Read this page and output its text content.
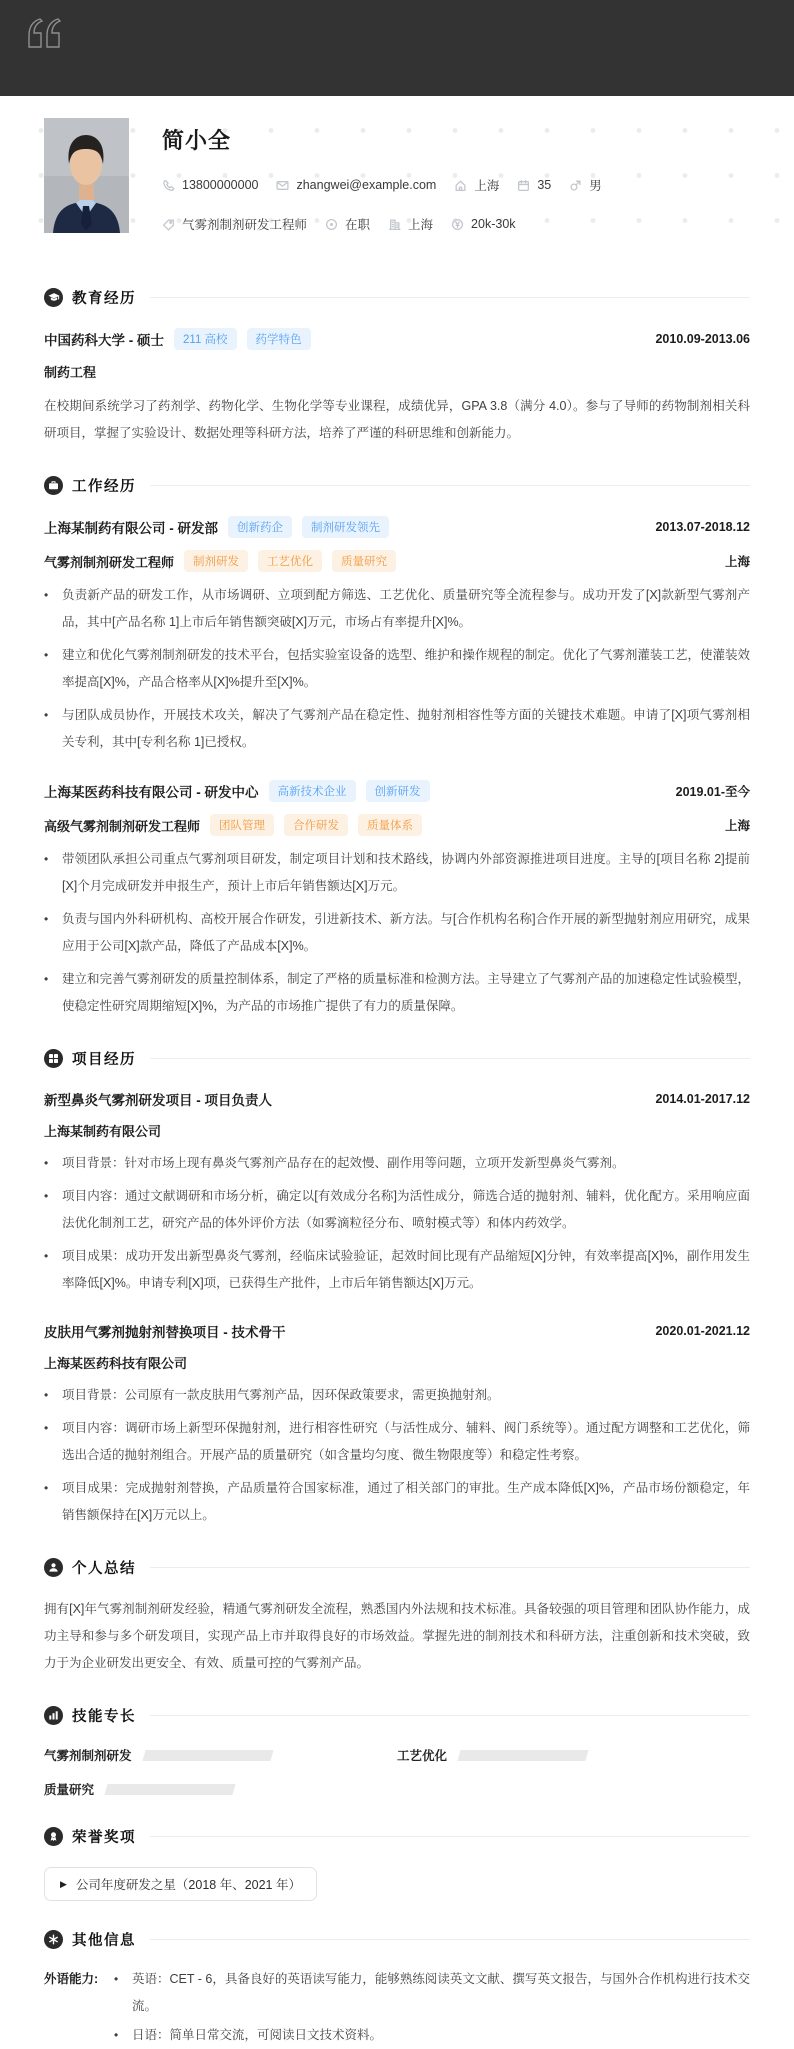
简小全
13800000000	zhangwei@example.com	上海	35	男
气雾剂制剂研发工程师	在职	上海	20k-30k
教育经历
中国药科大学 - 硕士	211 高校	药学特色	2010.09-2013.06
制药工程

在校期间系统学习了药剂学、药物化学、生物化学等专业课程，成绩优异，GPA 3.8（满分 4.0）。参与了导师的药物制剂相关科研项目，掌握了实验设计、数据处理等科研方法，培养了严谨的科研思维和创新能力。

工作经历
上海某制药有限公司 - 研发部	创新药企	制剂研发领先	2013.07-2018.12
气雾剂制剂研发工程师	制剂研发	工艺优化	质量研究	上海
•	负责新产品的研发工作，从市场调研、立项到配方筛选、工艺优化、质量研究等全流程参与。成功开发了[X]款新型气雾剂产品，其中[产品名称 1]上市后年销售额突破[X]万元，市场占有率提升[X]%。

•	建立和优化气雾剂制剂研发的技术平台，包括实验室设备的选型、维护和操作规程的制定。优化了气雾剂灌装工艺，使灌装效率提高[X]%，产品合格率从[X]%提升至[X]%。

•	与团队成员协作，开展技术攻关，解决了气雾剂产品在稳定性、抛射剂相容性等方面的关键技术难题。申请了[X]项气雾剂相关专利，其中[专利名称 1]已授权。

上海某医药科技有限公司 - 研发中心	高新技术企业	创新研发	2019.01-至今
高级气雾剂制剂研发工程师	团队管理	合作研发	质量体系	上海
•	带领团队承担公司重点气雾剂项目研发，制定项目计划和技术路线，协调内外部资源推进项目进度。主导的[项目名称 2]提前[X]个月完成研发并申报生产，预计上市后年销售额达[X]万元。

•	负责与国内外科研机构、高校开展合作研发，引进新技术、新方法。与[合作机构名称]合作开展的新型抛射剂应用研究，成果应用于公司[X]款产品，降低了产品成本[X]%。

•	建立和完善气雾剂研发的质量控制体系，制定了严格的质量标准和检测方法。主导建立了气雾剂产品的加速稳定性试验模型，使稳定性研究周期缩短[X]%，为产品的市场推广提供了有力的质量保障。

项目经历
新型鼻炎气雾剂研发项目 - 项目负责人	2014.01-2017.12
上海某制药有限公司
•	项目背景：针对市场上现有鼻炎气雾剂产品存在的起效慢、副作用等问题，立项开发新型鼻炎气雾剂。

•	项目内容：通过文献调研和市场分析，确定以[有效成分名称]为活性成分，筛选合适的抛射剂、辅料，优化配方。采用响应面法优化制剂工艺，研究产品的体外评价方法（如雾滴粒径分布、喷射模式等）和体内药效学。

•	项目成果：成功开发出新型鼻炎气雾剂，经临床试验验证，起效时间比现有产品缩短[X]分钟，有效率提高[X]%，副作用发生率降低[X]%。申请专利[X]项，已获得生产批件，上市后年销售额达[X]万元。

皮肤用气雾剂抛射剂替换项目 - 技术骨干	2020.01-2021.12
上海某医药科技有限公司
•	项目背景：公司原有一款皮肤用气雾剂产品，因环保政策要求，需更换抛射剂。

•	项目内容：调研市场上新型环保抛射剂，进行相容性研究（与活性成分、辅料、阀门系统等）。通过配方调整和工艺优化，筛选出合适的抛射剂组合。开展产品的质量研究（如含量均匀度、微生物限度等）和稳定性考察。

•	项目成果：完成抛射剂替换，产品质量符合国家标准，通过了相关部门的审批。生产成本降低[X]%，产品市场份额稳定，年销售额保持在[X]万元以上。

个人总结

拥有[X]年气雾剂制剂研发经验，精通气雾剂研发全流程，熟悉国内外法规和技术标准。具备较强的项目管理和团队协作能力，成功主导和参与多个研发项目，实现产品上市并取得良好的市场效益。掌握先进的制剂技术和科研方法，注重创新和技术突破，致力于为企业研发出更安全、有效、质量可控的气雾剂产品。

技能专长
气雾剂制剂研发	工艺优化
质量研究
荣誉奖项
▶ 公司年度研发之星（2018 年、2021 年）
其他信息
外语能力:	•	英语：CET - 6，具备良好的英语读写能力，能够熟练阅读英文文献、撰写英文报告，与国外合作机构进行技术交流。

•	日语：简单日常交流，可阅读日文技术资料。
